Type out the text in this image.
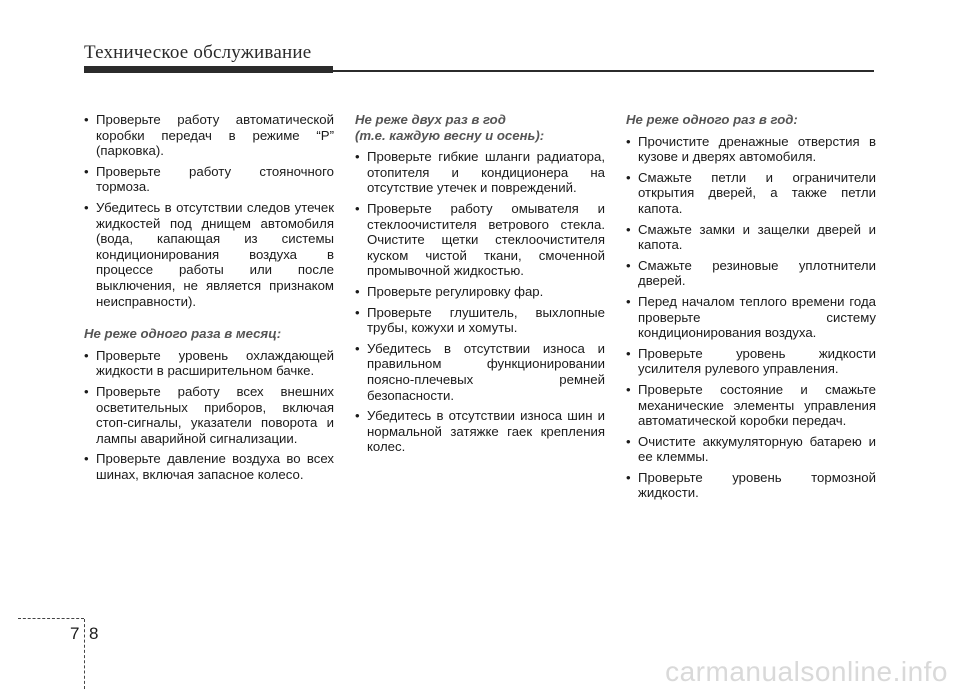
Техническое обслуживание
• Проверьте работу автоматической коробки передач в режиме “P” (парковка).
• Проверьте работу стояночного тормоза.
• Убедитесь в отсутствии следов утечек жидкостей под днищем автомобиля (вода, капающая из системы кондиционирования воздуха в процессе работы или после выключения, не является признаком неисправности).
Не реже одного раза в месяц:
• Проверьте уровень охлаждающей жидкости в расширительном бачке.
• Проверьте работу всех внешних осветительных приборов, включая стоп-сигналы, указатели поворота и лампы аварийной сигнализации.
• Проверьте давление воздуха во всех шинах, включая запасное колесо.
Не реже двух раз в год
(т.е. каждую весну и осень):
• Проверьте гибкие шланги радиатора, отопителя и кондиционера на отсутствие утечек и повреждений.
• Проверьте работу омывателя и стеклоочистителя ветрового стекла. Очистите щетки стеклоочистителя куском чистой ткани, смоченной промывочной жидкостью.
• Проверьте регулировку фар.
• Проверьте глушитель, выхлопные трубы, кожухи и хомуты.
• Убедитесь в отсутствии износа и правильном функционировании поясно-плечевых ремней безопасности.
• Убедитесь в отсутствии износа шин и нормальной затяжке гаек крепления колес.
Не реже одного раз в год:
• Прочистите дренажные отверстия в кузове и дверях автомобиля.
• Смажьте петли и ограничители открытия дверей, а также петли капота.
• Смажьте замки и защелки дверей и капота.
• Смажьте резиновые уплотнители дверей.
• Перед началом теплого времени года проверьте систему кондиционирования воздуха.
• Проверьте уровень жидкости усилителя рулевого управления.
• Проверьте состояние и смажьте механические элементы управления автоматической коробки передач.
• Очистите аккумуляторную батарею и ее клеммы.
• Проверьте уровень тормозной жидкости.
7 8
carmanualsonline.info
